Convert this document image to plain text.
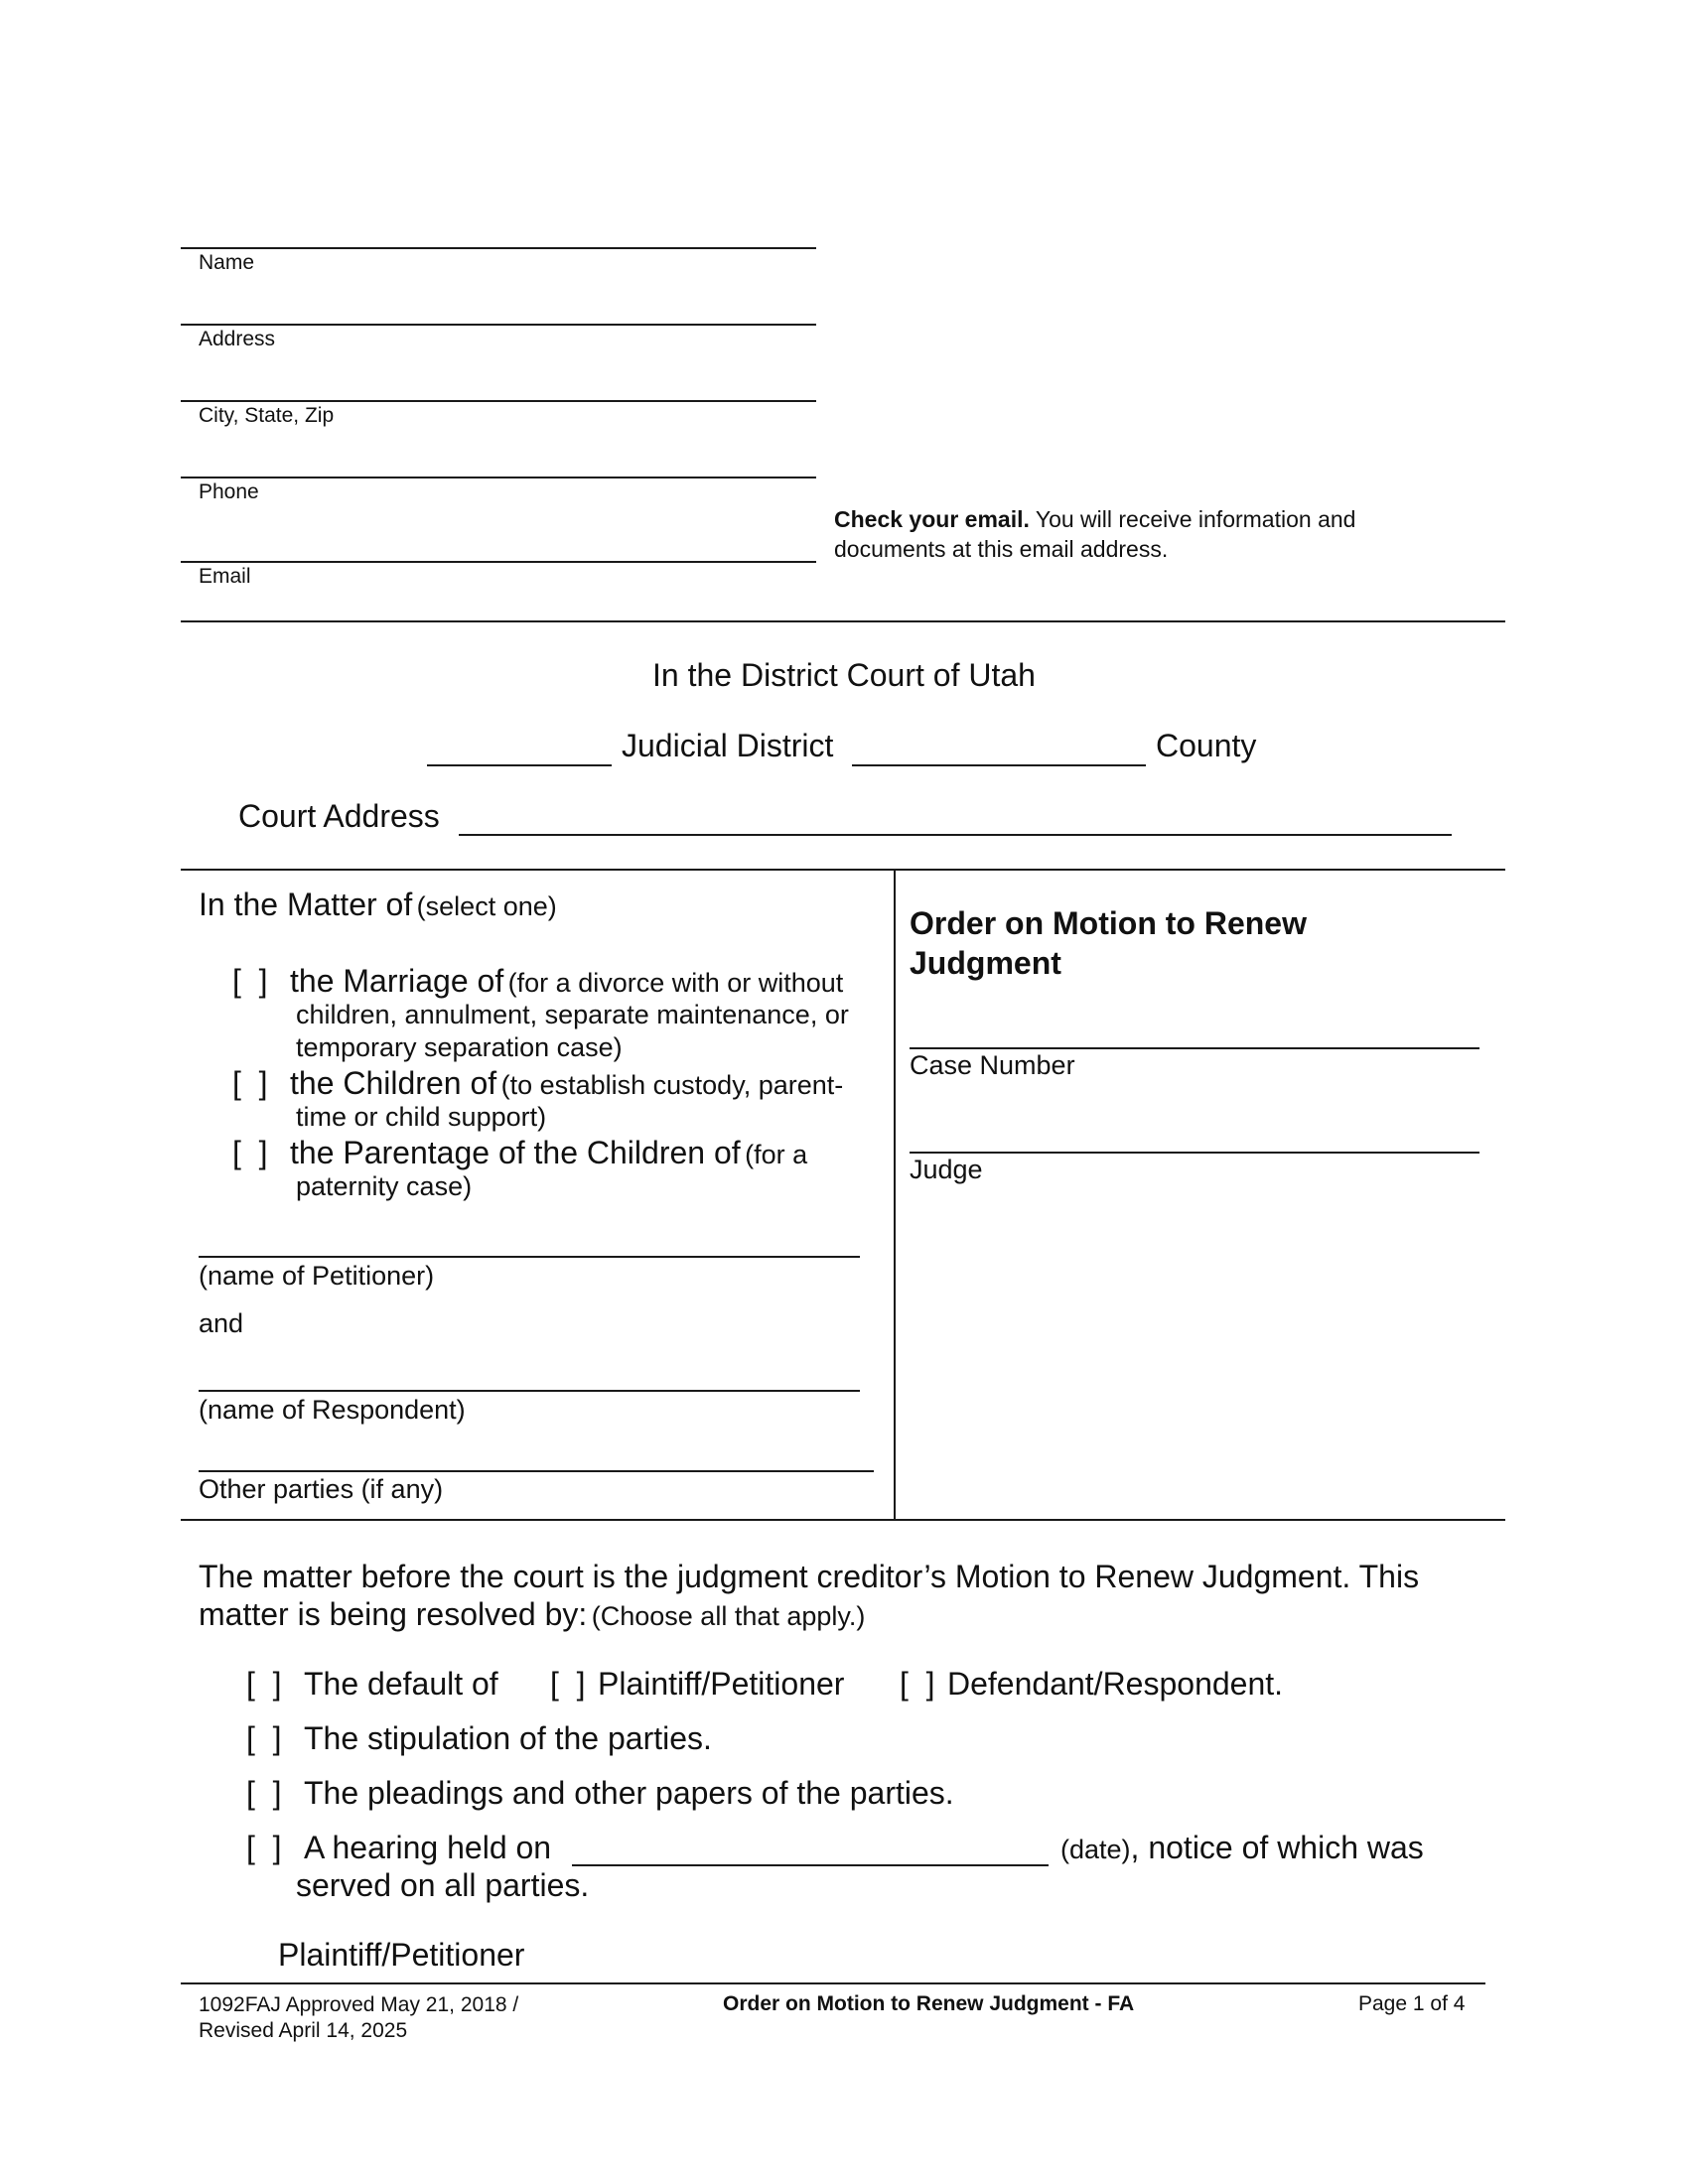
Name
Address
City, State, Zip
Phone
Email
Check your email. You will receive information and
documents at this email address.
In the District Court of Utah
Judicial District	County
Court Address
In the Matter of (select one)
[  ] the Marriage of (for a divorce with or without
children, annulment, separate maintenance, or
temporary separation case)
[  ] the Children of (to establish custody, parent-
time or child support)
[  ] the Parentage of the Children of (for a
paternity case)
(name of Petitioner)
and
(name of Respondent)
Other parties (if any)
Order on Motion to Renew
Judgment
Case Number
Judge
The matter before the court is the judgment creditor’s Motion to Renew Judgment. This
matter is being resolved by: (Choose all that apply.)
[  ] The default of [  ] Plaintiff/Petitioner [  ] Defendant/Respondent.
[  ] The stipulation of the parties.
[  ] The pleadings and other papers of the parties.
[  ] A hearing held on	(date), notice of which was
served on all parties.
Plaintiff/Petitioner
1092FAJ Approved May 21, 2018 /
Revised April 14, 2025
Order on Motion to Renew Judgment - FA	Page 1 of 4
